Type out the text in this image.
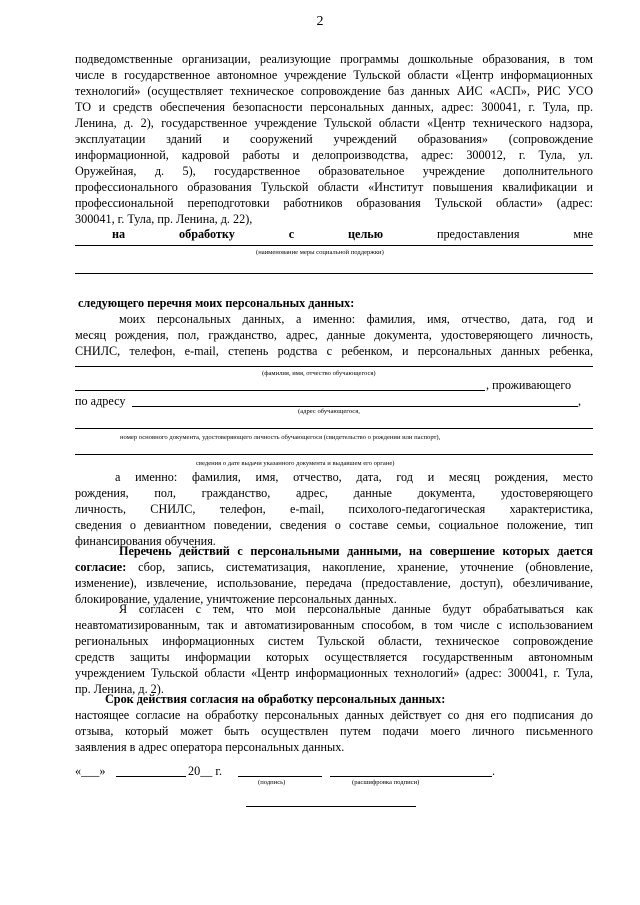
2
подведомственные организации, реализующие программы дошкольные образования, в том
числе в государственное автономное учреждение Тульской области «Центр информационных
технологий» (осуществляет техническое сопровождение баз данных АИС «АСП», РИС УСО
ТО и средств обеспечения безопасности персональных данных, адрес: 300041, г. Тула, пр.
Ленина, д. 2), государственное учреждение Тульской области «Центр технического надзора,
эксплуатации зданий и сооружений учреждений образования» (сопровождение
информационной, кадровой работы и делопроизводства, адрес: 300012, г. Тула, ул.
Оружейная, д. 5), государственное образовательное учреждение дополнительного
профессионального образования Тульской области «Институт повышения квалификации и
профессиональной переподготовки работников образования Тульской области» (адрес:
300041, г. Тула, пр. Ленина, д. 22),
на	обработку	с	целью	предоставления	мне
(наименование меры социальной поддержки)
следующего перечня моих персональных данных:
моих персональных данных, а именно: фамилия, имя, отчество, дата, год и
месяц рождения, пол, гражданство, адрес, данные документа, удостоверяющего личность,
СНИЛС, телефон, e-mail, степень родства с ребенком, и персональных данных ребенка,
(фамилия, имя, отчество обучающегося)
, проживающего
по адресу	,
(адрес обучающегося,
номер основного документа, удостоверяющего личность обучающегося (свидетельство о рождении или паспорт),
сведения о дате выдачи указанного документа и выдавшем его органе)
а именно: фамилия, имя, отчество, дата, год и месяц рождения, место
рождения, пол, гражданство, адрес, данные документа, удостоверяющего
личность, СНИЛС, телефон, e-mail, психолого-педагогическая характеристика,
сведения о девиантном поведении, сведения о составе семьи, социальное положение, тип
финансирования обучения.
Перечень действий с персональными данными, на совершение которых дается
согласие: сбор, запись, систематизация, накопление, хранение, уточнение (обновление,
изменение), извлечение, использование, передача (предоставление, доступ), обезличивание,
блокирование, удаление, уничтожение персональных данных.
Я согласен с тем, что мои персональные данные будут обрабатываться как
неавтоматизированным, так и автоматизированным способом, в том числе с использованием
региональных информационных систем Тульской области, техническое сопровождение
средств защиты информации которых осуществляется государственным автономным
учреждением Тульской области «Центр информационных технологий» (адрес: 300041, г. Тула,
пр. Ленина, д. 2).
Срок действия согласия на обработку персональных данных:
настоящее согласие на обработку персональных данных действует со дня его подписания до
отзыва, который может быть осуществлен путем подачи моего личного письменного
заявления в адрес оператора персональных данных.
«___»	20__ г.	.
(подпись)	(расшифровка подписи)
